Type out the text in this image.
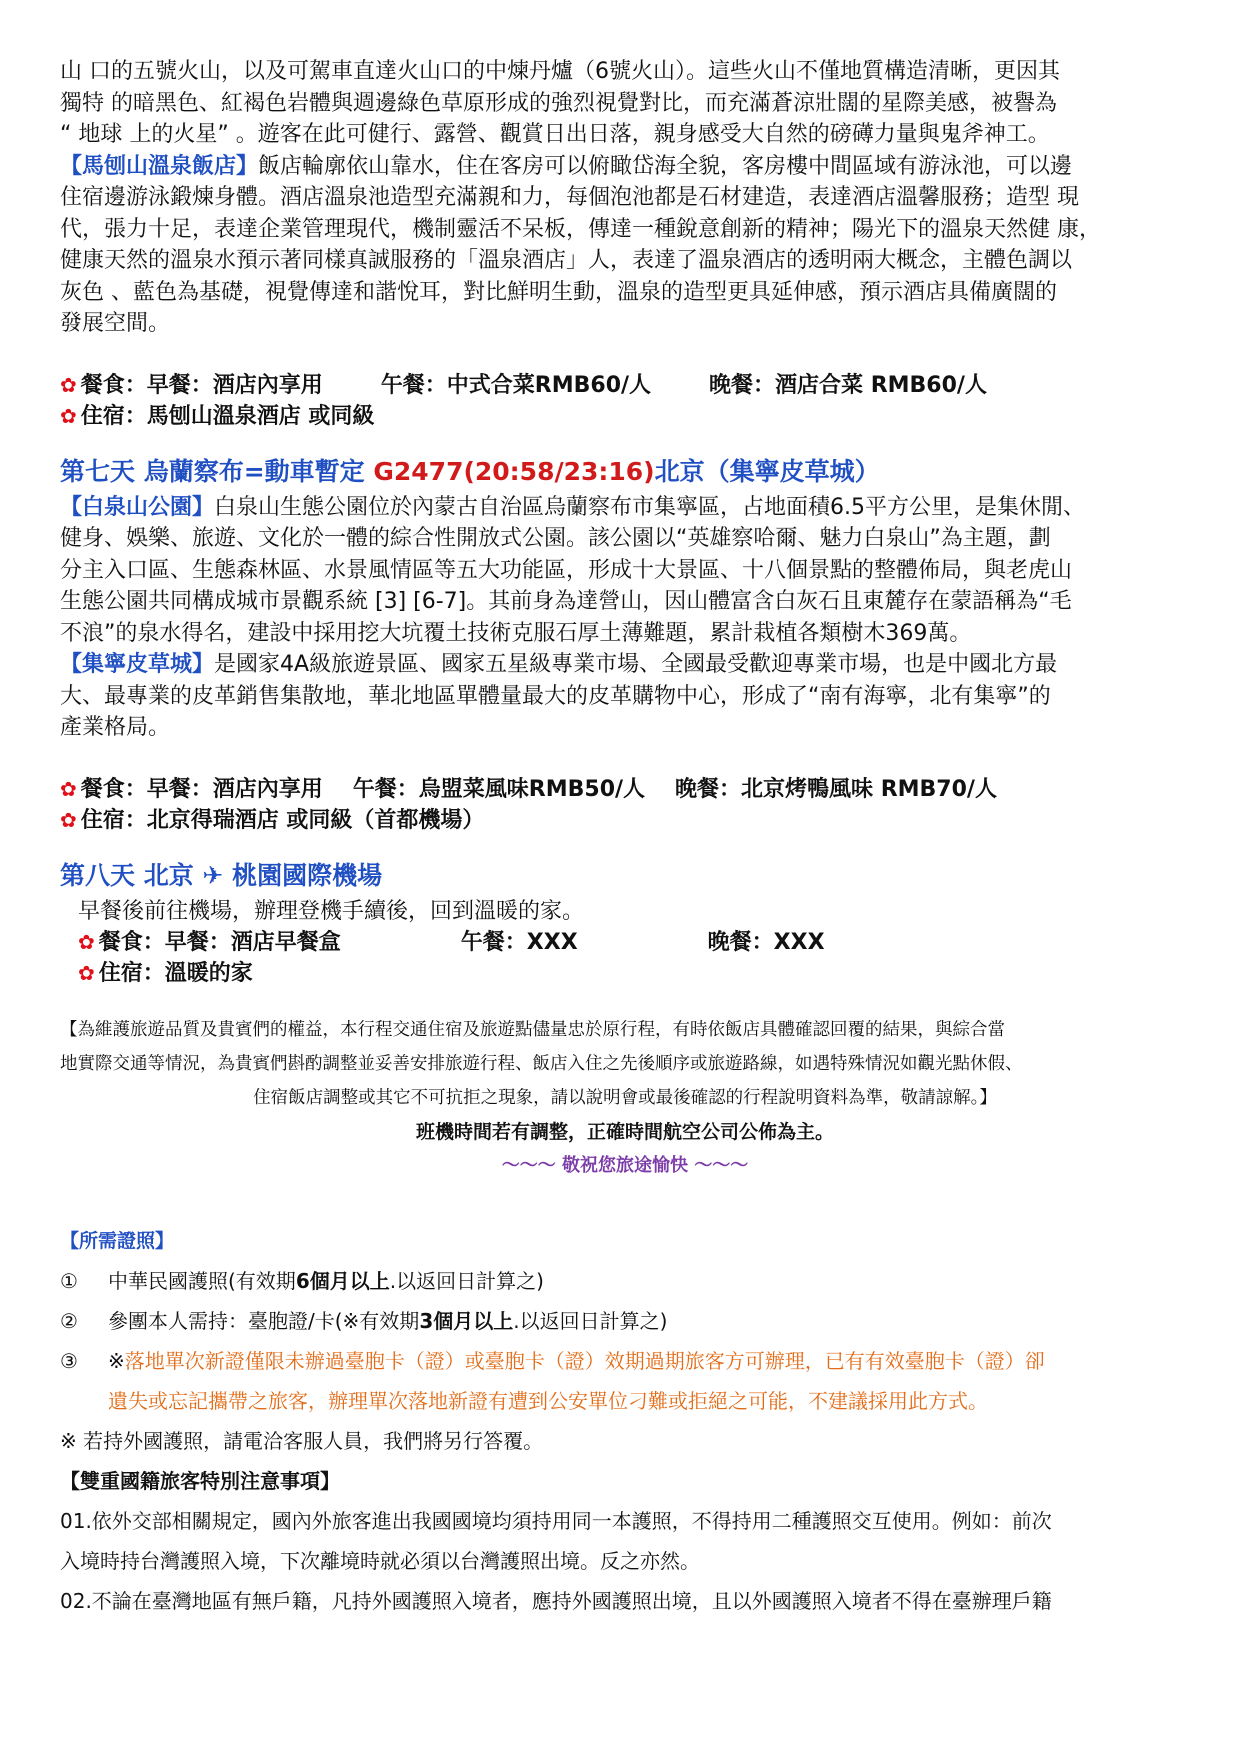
山 口的五號火山，以及可駕車直達火山口的中煉丹爐（6號火山）。這些火山不僅地質構造清晰，更因其
獨特 的暗黑色、紅褐色岩體與週邊綠色草原形成的強烈視覺對比，而充滿蒼涼壯闊的星際美感，被譽為
“ 地球 上的火星” 。遊客在此可健行、露營、觀賞日出日落，親身感受大自然的磅礡力量與鬼斧神工。
【馬刨山溫泉飯店】飯店輪廓依山靠水，住在客房可以俯瞰岱海全貌，客房樓中間區域有游泳池，可以邊
住宿邊游泳鍛煉身體。酒店溫泉池造型充滿親和力，每個泡池都是石材建造，表達酒店溫馨服務；造型 現
代，張力十足，表達企業管理現代，機制靈活不呆板，傳達一種銳意創新的精神；陽光下的溫泉天然健 康，
健康天然的溫泉水預示著同樣真誠服務的「溫泉酒店」人，表達了溫泉酒店的透明兩大概念，主體色調以
灰色 、藍色為基礎，視覺傳達和諧悅耳，對比鮮明生動，溫泉的造型更具延伸感，預示酒店具備廣闊的
發展空間。
✿ 餐食：早餐：酒店內享用	午餐：中式合菜RMB60/人	晚餐：酒店合菜 RMB60/人
✿ 住宿：馬刨山溫泉酒店 或同級
第七天 烏蘭察布=動車暫定 G2477(20:58/23:16)北京（集寧皮草城）
【白泉山公園】白泉山生態公園位於內蒙古自治區烏蘭察布市集寧區，占地面積6.5平方公里，是集休閒、
健身、娛樂、旅遊、文化於一體的綜合性開放式公園。該公園以“英雄察哈爾、魅力白泉山”為主題，劃
分主入口區、生態森林區、水景風情區等五大功能區，形成十大景區、十八個景點的整體佈局，與老虎山
生態公園共同構成城市景觀系統 [3] [6-7]。其前身為達營山，因山體富含白灰石且東麓存在蒙語稱為“毛
不浪”的泉水得名，建設中採用挖大坑覆土技術克服石厚土薄難題，累計栽植各類樹木369萬。
【集寧皮草城】是國家4A級旅遊景區、國家五星級專業市場、全國最受歡迎專業市場，也是中國北方最
大、最專業的皮革銷售集散地，華北地區單體量最大的皮革購物中心，形成了“南有海寧，北有集寧”的
產業格局。
✿ 餐食：早餐：酒店內享用 午餐：烏盟菜風味RMB50/人 晚餐：北京烤鴨風味 RMB70/人
✿ 住宿：北京得瑞酒店 或同級（首都機場）
第八天 北京 ✈ 桃園國際機場
早餐後前往機場，辦理登機手續後，回到溫暖的家。
✿ 餐食：早餐：酒店早餐盒	午餐：XXX	晚餐：XXX
✿ 住宿：溫暖的家
【為維護旅遊品質及貴賓們的權益，本行程交通住宿及旅遊點儘量忠於原行程，有時依飯店具體確認回覆的結果，與綜合當
地實際交通等情況，為貴賓們斟酌調整並妥善安排旅遊行程、飯店入住之先後順序或旅遊路線，如遇特殊情況如觀光點休假、
住宿飯店調整或其它不可抗拒之現象，請以說明會或最後確認的行程說明資料為準，敬請諒解。】
班機時間若有調整，正確時間航空公司公佈為主。
～～～ 敬祝您旅途愉快 ～～～
【所需證照】
① 中華民國護照(有效期6個月以上.以返回日計算之)
② 參團本人需持：臺胞證/卡(※有效期3個月以上.以返回日計算之)
③ ※落地單次新證僅限未辦過臺胞卡（證）或臺胞卡（證）效期過期旅客方可辦理，已有有效臺胞卡（證）卻
遺失或忘記攜帶之旅客，辦理單次落地新證有遭到公安單位刁難或拒絕之可能，不建議採用此方式。
※ 若持外國護照，請電洽客服人員，我們將另行答覆。
【雙重國籍旅客特別注意事項】
01.依外交部相關規定，國內外旅客進出我國國境均須持用同一本護照，不得持用二種護照交互使用。例如：前次
入境時持台灣護照入境，下次離境時就必須以台灣護照出境。反之亦然。
02.不論在臺灣地區有無戶籍，凡持外國護照入境者，應持外國護照出境，且以外國護照入境者不得在臺辦理戶籍
